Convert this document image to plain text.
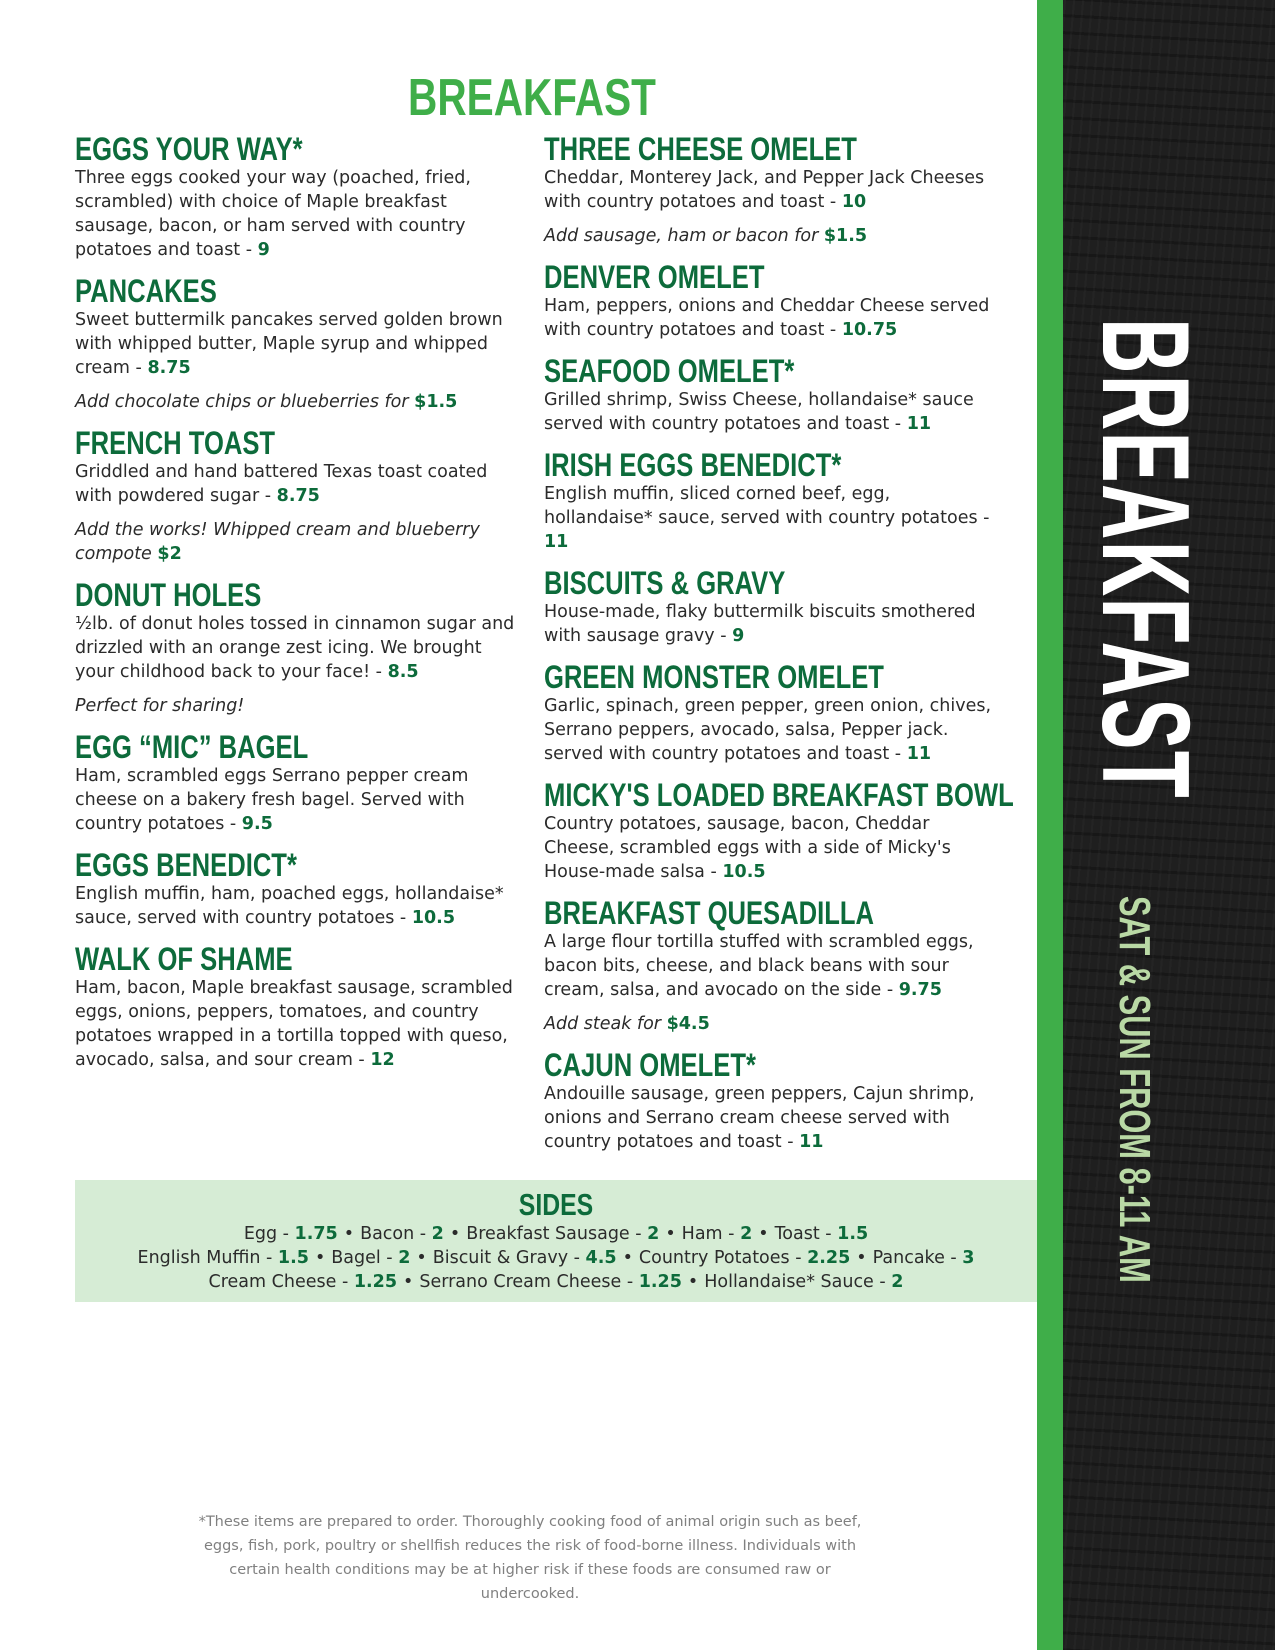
BREAKFAST
EGGS YOUR WAY*

Three eggs cooked your way (poached, fried, scrambled) with choice of Maple breakfast sausage, bacon, or ham served with country potatoes and toast - 9

PANCAKES

Sweet buttermilk pancakes served golden brown with whipped butter, Maple syrup and whipped cream - 8.75

Add chocolate chips or blueberries for $1.5

FRENCH TOAST

Griddled and hand battered Texas toast coated with powdered sugar - 8.75

Add the works! Whipped cream and blueberry compote $2

DONUT HOLES

½lb. of donut holes tossed in cinnamon sugar and drizzled with an orange zest icing. We brought your childhood back to your face! - 8.5

Perfect for sharing!

EGG “MIC” BAGEL

Ham, scrambled eggs Serrano pepper cream cheese on a bakery fresh bagel. Served with country potatoes - 9.5

EGGS BENEDICT*

English muffin, ham, poached eggs, hollandaise* sauce, served with country potatoes - 10.5

WALK OF SHAME

Ham, bacon, Maple breakfast sausage, scrambled eggs, onions, peppers, tomatoes, and country potatoes wrapped in a tortilla topped with queso, avocado, salsa, and sour cream - 12

THREE CHEESE OMELET

Cheddar, Monterey Jack, and Pepper Jack Cheeses with country potatoes and toast - 10

Add sausage, ham or bacon for $1.5

DENVER OMELET

Ham, peppers, onions and Cheddar Cheese served with country potatoes and toast - 10.75

SEAFOOD OMELET*

Grilled shrimp, Swiss Cheese, hollandaise* sauce served with country potatoes and toast - 11

IRISH EGGS BENEDICT*

English muffin, sliced corned beef, egg, hollandaise* sauce, served with country potatoes - 11

BISCUITS & GRAVY

House-made, flaky buttermilk biscuits smothered with sausage gravy - 9

GREEN MONSTER OMELET

Garlic, spinach, green pepper, green onion, chives, Serrano peppers, avocado, salsa, Pepper jack. served with country potatoes and toast - 11

MICKY'S LOADED BREAKFAST BOWL

Country potatoes, sausage, bacon, Cheddar Cheese, scrambled eggs with a side of Micky's House-made salsa - 10.5

BREAKFAST QUESADILLA

A large flour tortilla stuffed with scrambled eggs, bacon bits, cheese, and black beans with sour cream, salsa, and avocado on the side - 9.75

Add steak for $4.5

CAJUN OMELET*

Andouille sausage, green peppers, Cajun shrimp, onions and Serrano cream cheese served with country potatoes and toast - 11

SIDES
Egg - 1.75 • Bacon - 2 • Breakfast Sausage - 2 • Ham - 2 • Toast - 1.5
English Muffin - 1.5 • Bagel - 2 • Biscuit & Gravy - 4.5 • Country Potatoes - 2.25 • Pancake - 3
Cream Cheese - 1.25 • Serrano Cream Cheese - 1.25 • Hollandaise* Sauce - 2
*These items are prepared to order. Thoroughly cooking food of animal origin such as beef, eggs, fish, pork, poultry or shellfish reduces the risk of food-borne illness. Individuals with certain health conditions may be at higher risk if these foods are consumed raw or undercooked.
BREAKFAST
SAT & SUN FROM 8-11 AM
